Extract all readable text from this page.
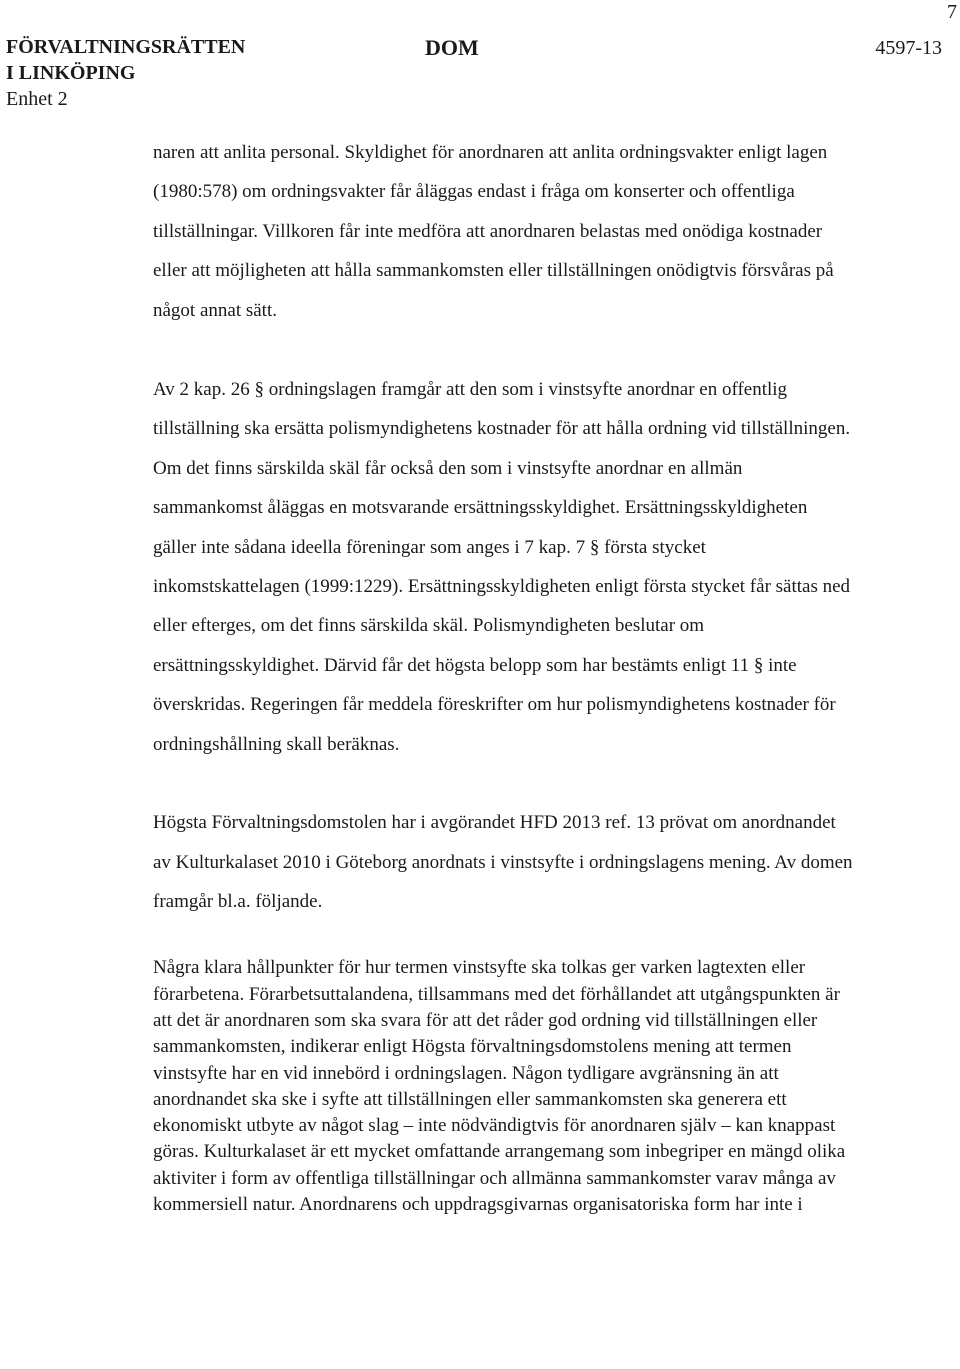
FÖRVALTNINGSRÄTTEN
I LINKÖPING
Enhet 2
DOM	4597-13
7

naren att anlita personal. Skyldighet för anordnaren att anlita ordningsvakter enligt lagen (1980:578) om ordningsvakter får åläggas endast i fråga om konserter och offentliga tillställningar. Villkoren får inte medföra att anordnaren belastas med onödiga kostnader eller att möjligheten att hålla sammankomsten eller tillställningen onödigtvis försvåras på något annat sätt.

Av 2 kap. 26 § ordningslagen framgår att den som i vinstsyfte anordnar en offentlig tillställning ska ersätta polismyndighetens kostnader för att hålla ordning vid tillställningen. Om det finns särskilda skäl får också den som i vinstsyfte anordnar en allmän sammankomst åläggas en motsvarande ersättningsskyldighet. Ersättningsskyldigheten gäller inte sådana ideella föreningar som anges i 7 kap. 7 § första stycket inkomstskattelagen (1999:1229). Ersättningsskyldigheten enligt första stycket får sättas ned eller efterges, om det finns särskilda skäl. Polismyndigheten beslutar om ersättningsskyldighet. Därvid får det högsta belopp som har bestämts enligt 11 § inte överskridas. Regeringen får meddela föreskrifter om hur polismyndighetens kostnader för ordningshållning skall beräknas.

Högsta Förvaltningsdomstolen har i avgörandet HFD 2013 ref. 13 prövat om anordnandet av Kulturkalaset 2010 i Göteborg anordnats i vinstsyfte i ordningslagens mening. Av domen framgår bl.a. följande.

Några klara hållpunkter för hur termen vinstsyfte ska tolkas ger varken lagtexten eller förarbetena. Förarbetsuttalandena, tillsammans med det förhållandet att utgångspunkten är att det är anordnaren som ska svara för att det råder god ordning vid tillställningen eller sammankomsten, indikerar enligt Högsta förvaltningsdomstolens mening att termen vinstsyfte har en vid innebörd i ordningslagen. Någon tydligare avgränsning än att anordnandet ska ske i syfte att tillställningen eller sammankomsten ska generera ett ekonomiskt utbyte av något slag – inte nödvändigtvis för anordnaren själv – kan knappast göras. Kulturkalaset är ett mycket omfattande arrangemang som inbegriper en mängd olika aktiviter i form av offentliga tillställningar och allmänna sammankomster varav många av kommersiell natur. Anordnarens och uppdragsgivarnas organisatoriska form har inte i
